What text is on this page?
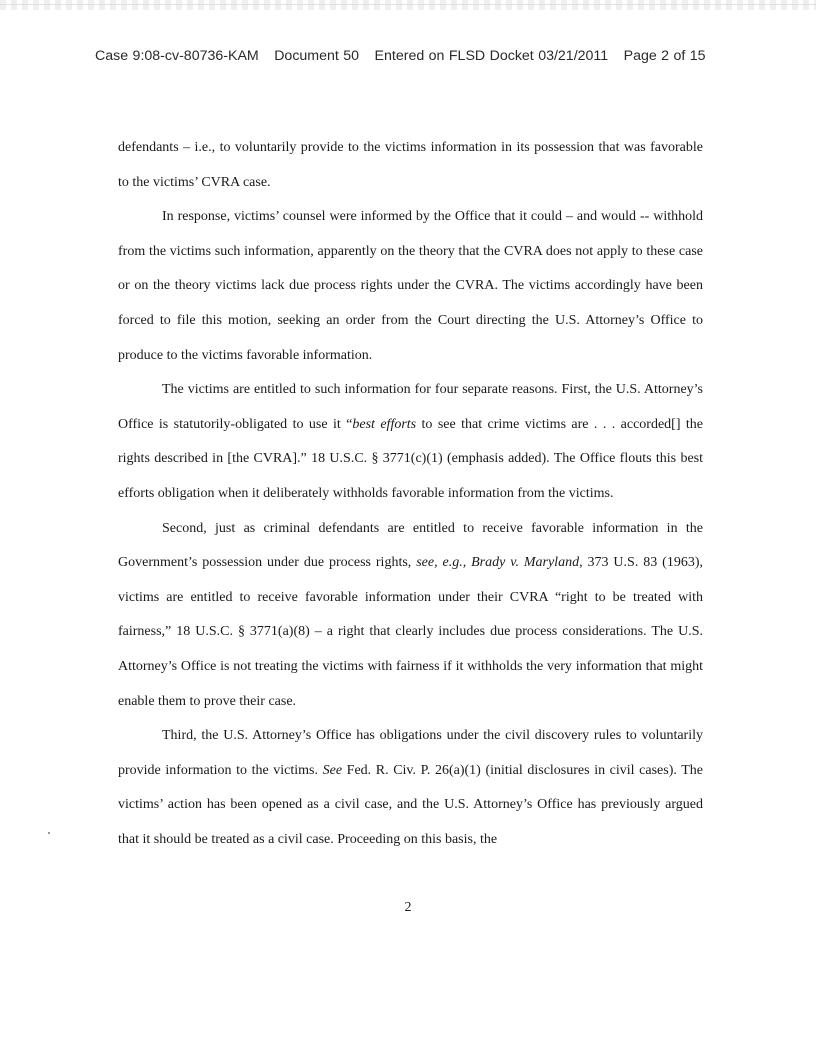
Case 9:08-cv-80736-KAM Document 50 Entered on FLSD Docket 03/21/2011 Page 2 of 15

defendants – i.e., to voluntarily provide to the victims information in its possession that was favorable to the victims’ CVRA case.

In response, victims’ counsel were informed by the Office that it could – and would -- withhold from the victims such information, apparently on the theory that the CVRA does not apply to these case or on the theory victims lack due process rights under the CVRA. The victims accordingly have been forced to file this motion, seeking an order from the Court directing the U.S. Attorney’s Office to produce to the victims favorable information.

The victims are entitled to such information for four separate reasons. First, the U.S. Attorney’s Office is statutorily-obligated to use it “best efforts to see that crime victims are . . . accorded[] the rights described in [the CVRA].” 18 U.S.C. § 3771(c)(1) (emphasis added). The Office flouts this best efforts obligation when it deliberately withholds favorable information from the victims.

Second, just as criminal defendants are entitled to receive favorable information in the Government’s possession under due process rights, see, e.g., Brady v. Maryland, 373 U.S. 83 (1963), victims are entitled to receive favorable information under their CVRA “right to be treated with fairness,” 18 U.S.C. § 3771(a)(8) – a right that clearly includes due process considerations. The U.S. Attorney’s Office is not treating the victims with fairness if it withholds the very information that might enable them to prove their case.

Third, the U.S. Attorney’s Office has obligations under the civil discovery rules to voluntarily provide information to the victims. See Fed. R. Civ. P. 26(a)(1) (initial disclosures in civil cases). The victims’ action has been opened as a civil case, and the U.S. Attorney’s Office has previously argued that it should be treated as a civil case. Proceeding on this basis, the

2
